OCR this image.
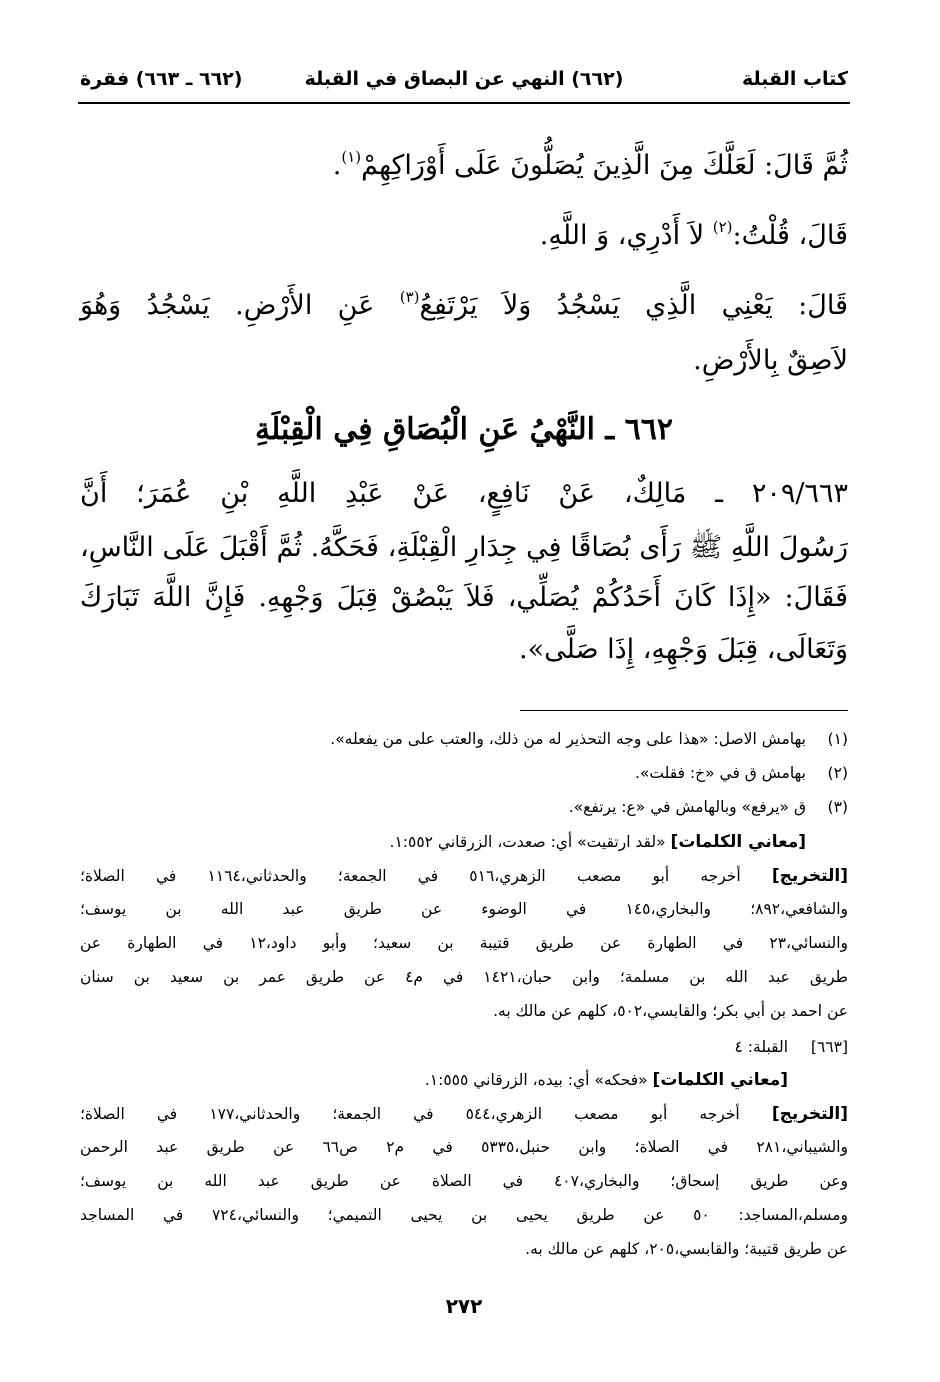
كتاب القبلة
(٦٦٢) النهي عن البصاق في القبلة
(٦٦٢ ـ ٦٦٣) فقرة
ثُمَّ قَالَ: لَعَلَّكَ مِنَ الَّذِينَ يُصَلُّونَ عَلَى أَوْرَاكِهِمْ$^{(١)}$.
قَالَ، قُلْتُ:$^{(٢)}$ لاَ أَدْرِي، وَ اللَّهِ.
قَالَ: يَعْنِي الَّذِي يَسْجُدُ وَلاَ يَرْتَفِعُ$^{(٣)}$ عَنِ الأَرْضِ. يَسْجُدُ وَهُوَ
لاَصِقٌ بِالأَرْضِ.
٦٦٢ ـ النَّهْيُ عَنِ الْبُصَاقِ فِي الْقِبْلَةِ
٢٠٩/٦٦٣ ـ مَالِكٌ، عَنْ نَافِعٍ، عَنْ عَبْدِ اللَّهِ بْنِ عُمَرَ؛ أَنَّ
رَسُولَ اللَّهِ ﷺ رَأَى بُصَاقًا فِي جِدَارِ الْقِبْلَةِ، فَحَكَّهُ. ثُمَّ أَقْبَلَ عَلَى النَّاسِ،
فَقَالَ: «إِذَا كَانَ أَحَدُكُمْ يُصَلِّي، فَلاَ يَبْصُقْ قِبَلَ وَجْهِهِ. فَإِنَّ اللَّهَ تَبَارَكَ
وَتَعَالَى، قِبَلَ وَجْهِهِ، إِذَا صَلَّى».
(١)
بهامش الاصل: «هذا على وجه التحذير له من ذلك، والعتب على من يفعله».
(٢)
بهامش ق في «خ: فقلت».
(٣)
ق «يرفع» وبالهامش في «ع: يرتفع».
[معاني الكلمات] «لقد ارتقيت» أي: صعدت، الزرقاني ١:٥٥٢.
[التخريج] أخرجه أبو مصعب الزهري،٥١٦ في الجمعة؛ والحدثاني،١١٦٤ في الصلاة؛
والشافعي،٨٩٢؛ والبخاري،١٤٥ في الوضوء عن طريق عبد الله بن يوسف؛
والنسائي،٢٣ في الطهارة عن طريق قتيبة بن سعيد؛ وأبو داود،١٢ في الطهارة عن
طريق عبد الله بن مسلمة؛ وابن حبان،١٤٢١ في م٤ عن طريق عمر بن سعيد بن سنان
عن احمد بن أبي بكر؛ والقابسي،٥٠٢، كلهم عن مالك به.
[٦٦٣]
القبلة: ٤
[معاني الكلمات] «فحكه» أي: بيده، الزرقاني ١:٥٥٥.
[التخريج] أخرجه أبو مصعب الزهري،٥٤٤ في الجمعة؛ والحدثاني،١٧٧ في الصلاة؛
والشيباني،٢٨١ في الصلاة؛ وابن حنبل،٥٣٣٥ في م٢ ص٦٦ عن طريق عبد الرحمن
وعن طريق إسحاق؛ والبخاري،٤٠٧ في الصلاة عن طريق عبد الله بن يوسف؛
ومسلم،المساجد: ٥٠ عن طريق يحيى بن يحيى التميمي؛ والنسائي،٧٢٤ في المساجد
عن طريق قتيبة؛ والقابسي،٢٠٥، كلهم عن مالك به.
٢٧٢
